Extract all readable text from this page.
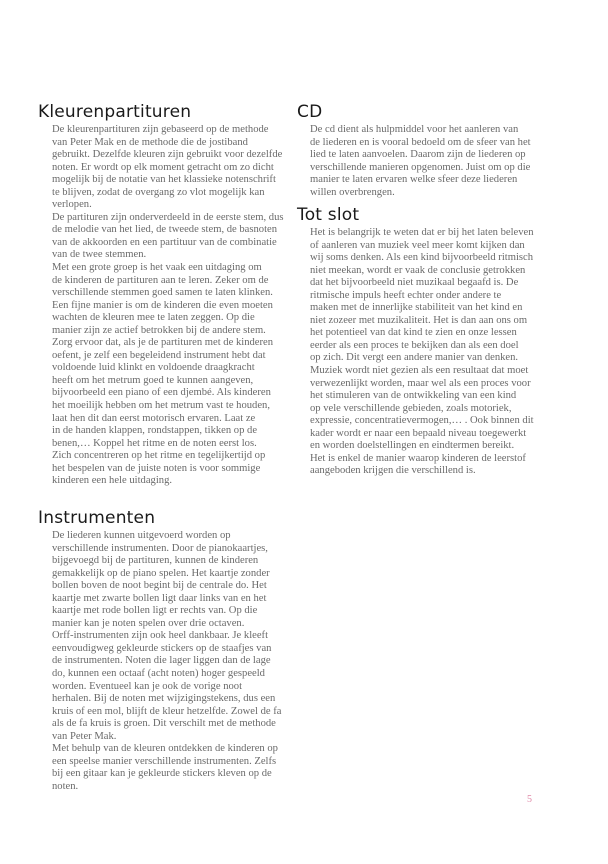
Kleurenpartituren
De kleurenpartituren zijn gebaseerd op de methode
van Peter Mak en de methode die de jostiband
gebruikt. Dezelfde kleuren zijn gebruikt voor dezelfde
noten. Er wordt op elk moment getracht om zo dicht
mogelijk bij de notatie van het klassieke notenschrift
te blijven, zodat de overgang zo vlot mogelijk kan
verlopen.
De partituren zijn onderverdeeld in de eerste stem, dus
de melodie van het lied, de tweede stem, de basnoten
van de akkoorden en een partituur van de combinatie
van de twee stemmen.
Met een grote groep is het vaak een uitdaging om
de kinderen de partituren aan te leren. Zeker om de
verschillende stemmen goed samen te laten klinken.
Een fijne manier is om de kinderen die even moeten
wachten de kleuren mee te laten zeggen. Op die
manier zijn ze actief betrokken bij de andere stem.
Zorg ervoor dat, als je de partituren met de kinderen
oefent, je zelf een begeleidend instrument hebt dat
voldoende luid klinkt en voldoende draagkracht
heeft om het metrum goed te kunnen aangeven,
bijvoorbeeld een piano of een djembé. Als kinderen
het moeilijk hebben om het metrum vast te houden,
laat hen dit dan eerst motorisch ervaren. Laat ze
in de handen klappen, rondstappen, tikken op de
benen,… Koppel het ritme en de noten eerst los.
Zich concentreren op het ritme en tegelijkertijd op
het bespelen van de juiste noten is voor sommige
kinderen een hele uitdaging.
Instrumenten
De liederen kunnen uitgevoerd worden op
verschillende instrumenten. Door de pianokaartjes,
bijgevoegd bij de partituren, kunnen de kinderen
gemakkelijk op de piano spelen. Het kaartje zonder
bollen boven de noot begint bij de centrale do. Het
kaartje met zwarte bollen ligt daar links van en het
kaartje met rode bollen ligt er rechts van. Op die
manier kan je noten spelen over drie octaven.
Orff-instrumenten zijn ook heel dankbaar. Je kleeft
eenvoudigweg gekleurde stickers op de staafjes van
de instrumenten. Noten die lager liggen dan de lage
do, kunnen een octaaf (acht noten) hoger gespeeld
worden. Eventueel kan je ook de vorige noot
herhalen. Bij de noten met wijzigingstekens, dus een
kruis of een mol, blijft de kleur hetzelfde. Zowel de fa
als de fa kruis is groen. Dit verschilt met de methode
van Peter Mak.
Met behulp van de kleuren ontdekken de kinderen op
een speelse manier verschillende instrumenten. Zelfs
bij een gitaar kan je gekleurde stickers kleven op de
noten.
CD
De cd dient als hulpmiddel voor het aanleren van
de liederen en is vooral bedoeld om de sfeer van het
lied te laten aanvoelen. Daarom zijn de liederen op
verschillende manieren opgenomen. Juist om op die
manier te laten ervaren welke sfeer deze liederen
willen overbrengen.
Tot slot
Het is belangrijk te weten dat er bij het laten beleven
of aanleren van muziek veel meer komt kijken dan
wij soms denken. Als een kind bijvoorbeeld ritmisch
niet meekan, wordt er vaak de conclusie getrokken
dat het bijvoorbeeld niet muzikaal begaafd is. De
ritmische impuls heeft echter onder andere te
maken met de innerlijke stabiliteit van het kind en
niet zozeer met muzikaliteit. Het is dan aan ons om
het potentieel van dat kind te zien en onze lessen
eerder als een proces te bekijken dan als een doel
op zich. Dit vergt een andere manier van denken.
Muziek wordt niet gezien als een resultaat dat moet
verwezenlijkt worden, maar wel als een proces voor
het stimuleren van de ontwikkeling van een kind
op vele verschillende gebieden, zoals motoriek,
expressie, concentratievermogen,… . Ook binnen dit
kader wordt er naar een bepaald niveau toegewerkt
en worden doelstellingen en eindtermen bereikt.
Het is enkel de manier waarop kinderen de leerstof
aangeboden krijgen die verschillend is.
5
